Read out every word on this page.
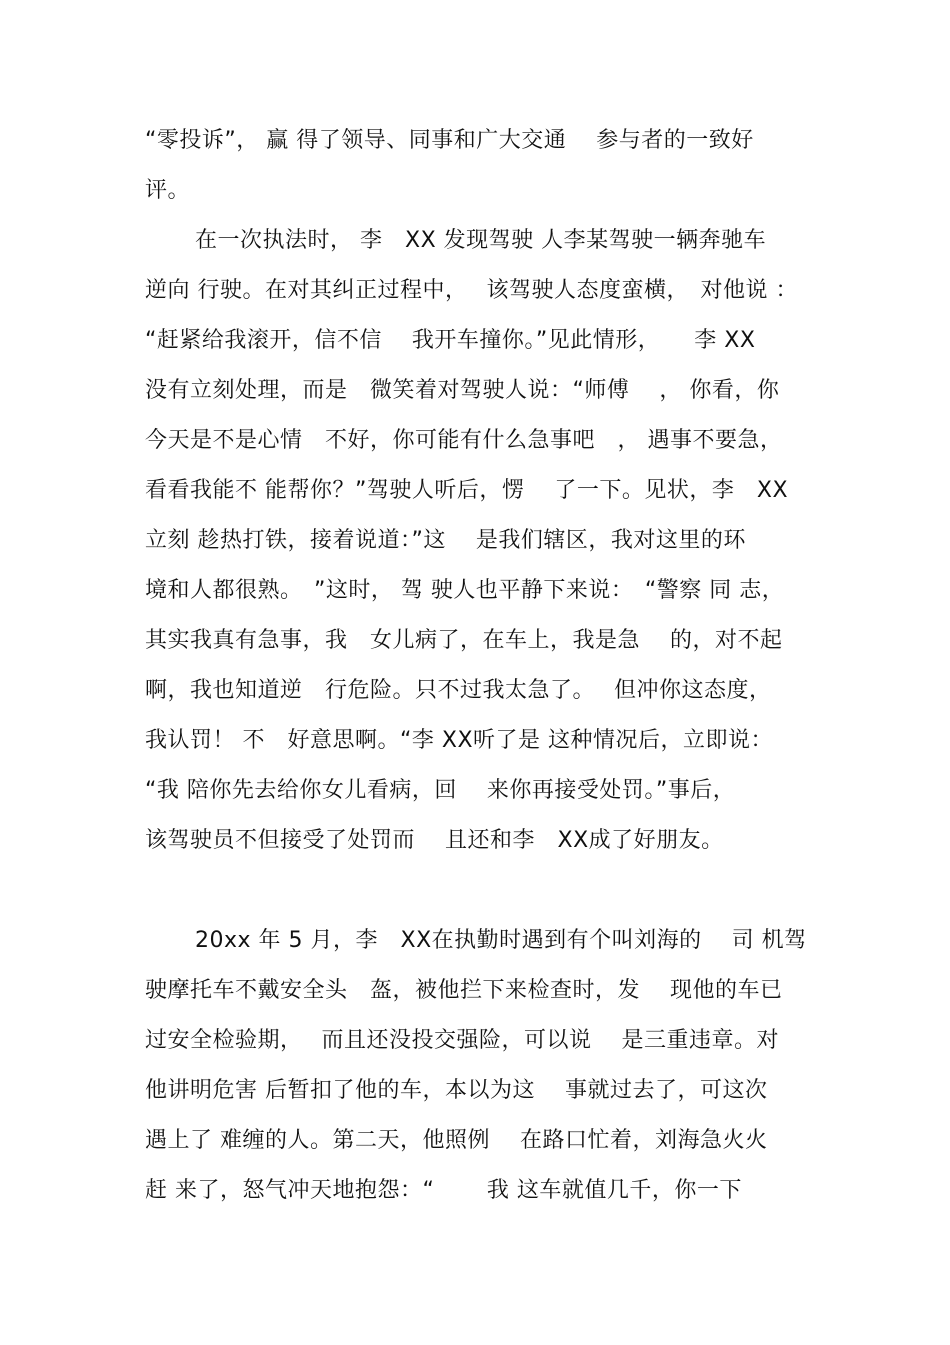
“零投诉”， 赢 得了领导、同事和广大交通　 参与者的一致好
评。
在一次执法时， 李　XX 发现驾驶 人李某驾驶一辆奔驰车
逆向 行驶。在对其纠正过程中，　 该驾驶人态度蛮横，　对他说 ：
“赶紧给我滚开，信不信　 我开车撞你。”见此情形，　　李 XX
没有立刻处理，而是　微笑着对驾驶人说：“师傅　 ， 你看，你
今天是不是心情　不好，你可能有什么急事吧　， 遇事不要急，
看看我能不 能帮你？”驾驶人听后，愣　 了一下。见状，李　XX
立刻 趁热打铁，接着说道：”这　 是我们辖区，我对这里的环
境和人都很熟。　”这时， 驾 驶人也平静下来说：　“警察 同 志，
其实我真有急事，我　女儿病了，在车上，我是急　 的，对不起
啊，我也知道逆　行危险。只不过我太急了。　 但冲你这态度，
我认罚！ 不　好意思啊。“李 XX听了是 这种情况后，立即说：
“我 陪你先去给你女儿看病，回　 来你再接受处罚。”事后，
该驾驶员不但接受了处罚而　 且还和李　XX成了好朋友。
20xx 年 5 月，李　XX在执勤时遇到有个叫刘海的　 司 机驾
驶摩托车不戴安全头　盔，被他拦下来检查时，发　 现他的车已
过安全检验期，　 而且还没投交强险，可以说　 是三重违章。对
他讲明危害 后暂扣了他的车，本以为这　 事就过去了，可这次
遇上了 难缠的人。第二天，他照例　 在路口忙着，刘海急火火
赶 来了，怒气冲天地抱怨：“　　 我 这车就值几千，你一下
